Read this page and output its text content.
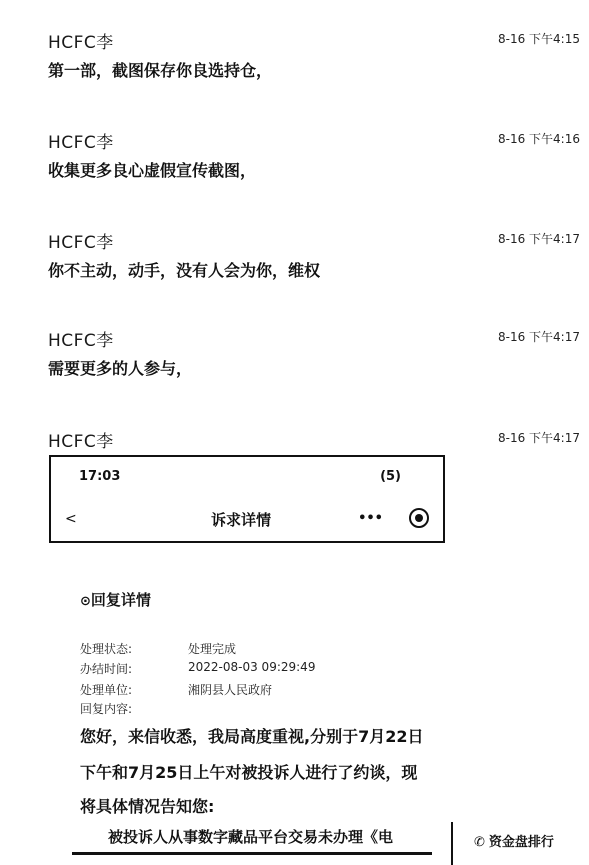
HCFC李	8-16 下午4:15
第一部，截图保存你良选持仓，
HCFC李	8-16 下午4:16
收集更多良心虚假宣传截图，
HCFC李	8-16 下午4:17
你不主动，动手，没有人会为你，维权
HCFC李	8-16 下午4:17
需要更多的人参与，
HCFC李	8-16 下午4:17
17:03	(5)
<	诉求详情	•••
⊙回复详情
处理状态:	处理完成
办结时间:	2022-08-03 09:29:49
处理单位:	湘阴县人民政府
回复内容:
您好，来信收悉，我局高度重视,分别于7月22日
下午和7月25日上午对被投诉人进行了约谈，现
将具体情况告知您:
被投诉人从事数字藏品平台交易未办理《电	✆ 资金盘排行
